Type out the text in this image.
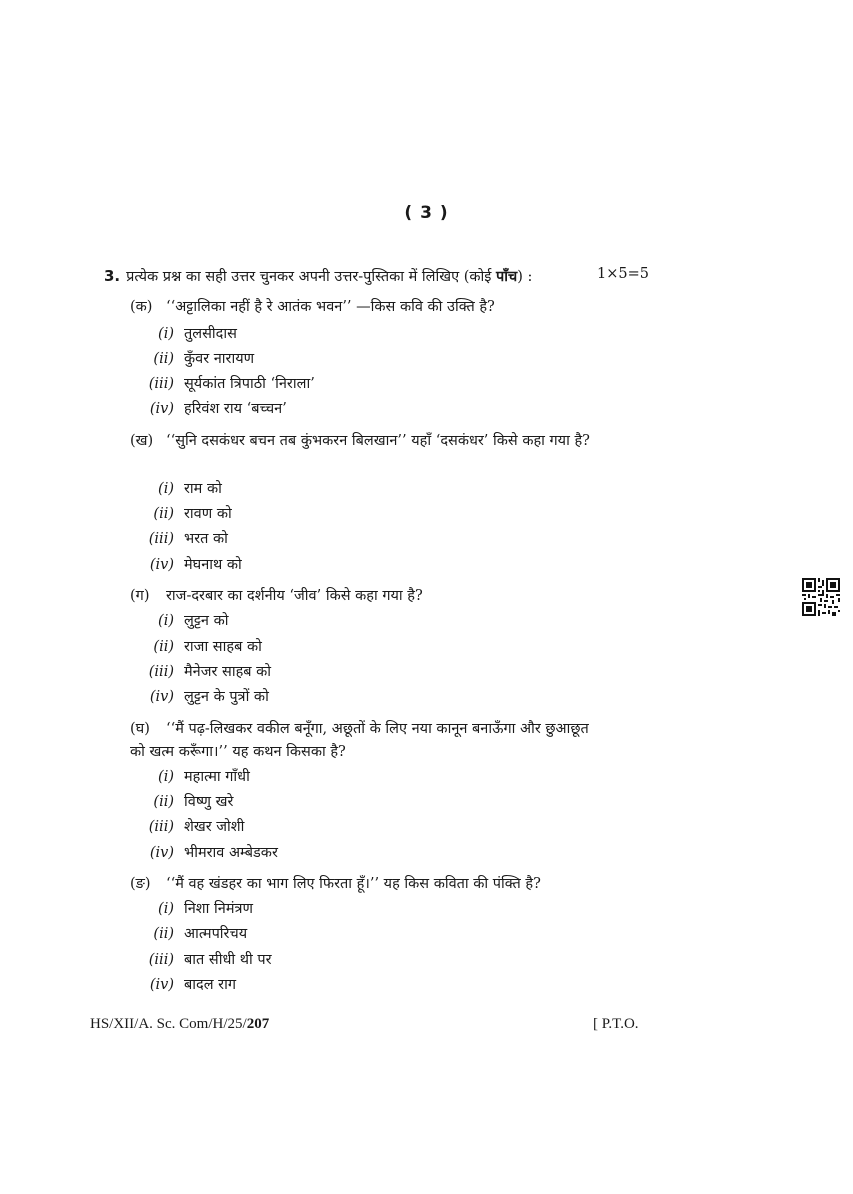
( 3 )
3. प्रत्येक प्रश्न का सही उत्तर चुनकर अपनी उत्तर-पुस्तिका में लिखिए (कोई पाँच) :	1×5=5
(क) ‘‘अट्टालिका नहीं है रे आतंक भवन’’ —किस कवि की उक्ति है?
(i) तुलसीदास
(ii) कुँवर नारायण
(iii) सूर्यकांत त्रिपाठी ‘निराला’
(iv) हरिवंश राय ‘बच्चन’
(ख) ‘‘सुनि दसकंधर बचन तब कुंभकरन बिलखान’’ यहाँ ‘दसकंधर’ किसे कहा गया है?
(i) राम को
(ii) रावण को
(iii) भरत को
(iv) मेघनाथ को
(ग) राज-दरबार का दर्शनीय ‘जीव’ किसे कहा गया है?
(i) लुट्टन को
(ii) राजा साहब को
(iii) मैनेजर साहब को
(iv) लुट्टन के पुत्रों को
(घ)	‘‘मैं पढ़-लिखकर वकील बनूँगा, अछूतों के लिए नया कानून बनाऊँगा और छुआछूत को खत्म करूँगा।’’ यह कथन किसका है?
(i) महात्मा गाँधी
(ii) विष्णु खरे
(iii) शेखर जोशी
(iv) भीमराव अम्बेडकर
(ङ) ‘‘मैं वह खंडहर का भाग लिए फिरता हूँ।’’ यह किस कविता की पंक्ति है?
(i) निशा निमंत्रण
(ii) आत्मपरिचय
(iii) बात सीधी थी पर
(iv) बादल राग
HS/XII/A. Sc. Com/H/25/207	[ P.T.O.
